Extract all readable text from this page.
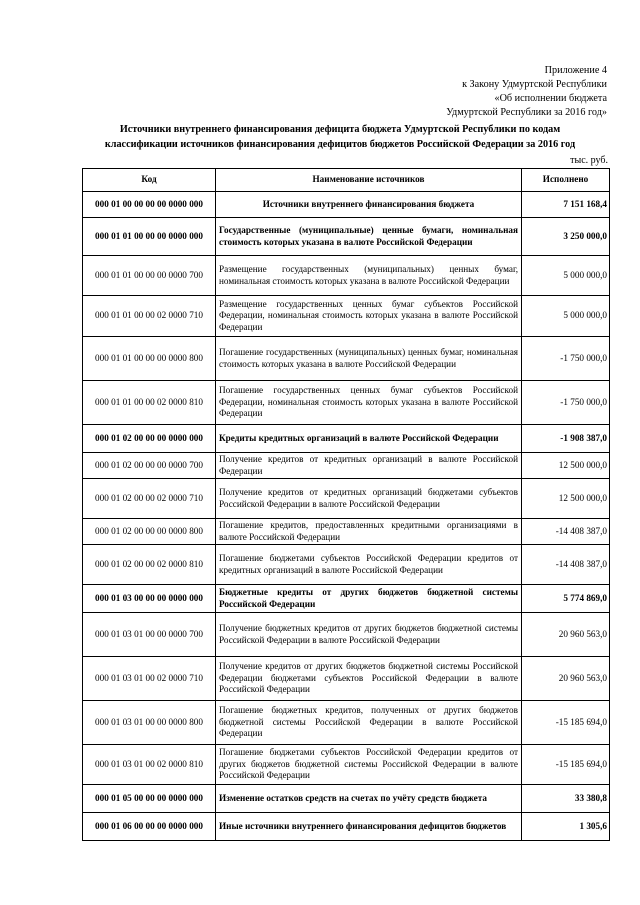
Приложение 4
к Закону Удмуртской Республики
«Об исполнении бюджета
Удмуртской Республики за 2016 год»
Источники внутреннего финансирования дефицита бюджета Удмуртской Республики по кодам
классификации источников финансирования дефицитов бюджетов Российской Федерации за 2016 год
тыс. руб.
Код	Наименование источников	Исполнено
000 01 00 00 00 00 0000 000	Источники внутреннего финансирования бюджета	7 151 168,4
000 01 01 00 00 00 0000 000	Государственные (муниципальные) ценные бумаги, номинальная стоимость которых указана в валюте Российской Федерации	3 250 000,0
000 01 01 00 00 00 0000 700	Размещение государственных (муниципальных) ценных бумаг, номинальная стоимость которых указана в валюте Российской Федерации	5 000 000,0
000 01 01 00 00 02 0000 710	Размещение государственных ценных бумаг субъектов Российской Федерации, номинальная стоимость которых указана в валюте Российской Федерации	5 000 000,0
000 01 01 00 00 00 0000 800	Погашение государственных (муниципальных) ценных бумаг, номинальная стоимость которых указана в валюте Российской Федерации	-1 750 000,0
000 01 01 00 00 02 0000 810	Погашение государственных ценных бумаг субъектов Российской Федерации, номинальная стоимость которых указана в валюте Российской Федерации	-1 750 000,0
000 01 02 00 00 00 0000 000	Кредиты кредитных организаций в валюте Российской Федерации	-1 908 387,0
000 01 02 00 00 00 0000 700	Получение кредитов от кредитных организаций в валюте Российской Федерации	12 500 000,0
000 01 02 00 00 02 0000 710	Получение кредитов от кредитных организаций бюджетами субъектов Российской Федерации в валюте Российской Федерации	12 500 000,0
000 01 02 00 00 00 0000 800	Погашение кредитов, предоставленных кредитными организациями в валюте Российской Федерации	-14 408 387,0
000 01 02 00 00 02 0000 810	Погашение бюджетами субъектов Российской Федерации кредитов от кредитных организаций в валюте Российской Федерации	-14 408 387,0
000 01 03 00 00 00 0000 000	Бюджетные кредиты от других бюджетов бюджетной системы Российской Федерации	5 774 869,0
000 01 03 01 00 00 0000 700	Получение бюджетных кредитов от других бюджетов бюджетной системы Российской Федерации в валюте Российской Федерации	20 960 563,0
000 01 03 01 00 02 0000 710	Получение кредитов от других бюджетов бюджетной системы Российской Федерации бюджетами субъектов Российской Федерации в валюте Российской Федерации	20 960 563,0
000 01 03 01 00 00 0000 800	Погашение бюджетных кредитов, полученных от других бюджетов бюджетной системы Российской Федерации в валюте Российской Федерации	-15 185 694,0
000 01 03 01 00 02 0000 810	Погашение бюджетами субъектов Российской Федерации кредитов от других бюджетов бюджетной системы Российской Федерации в валюте Российской Федерации	-15 185 694,0
000 01 05 00 00 00 0000 000	Изменение остатков средств на счетах по учёту средств бюджета	33 380,8
000 01 06 00 00 00 0000 000	Иные источники внутреннего финансирования дефицитов бюджетов	1 305,6
